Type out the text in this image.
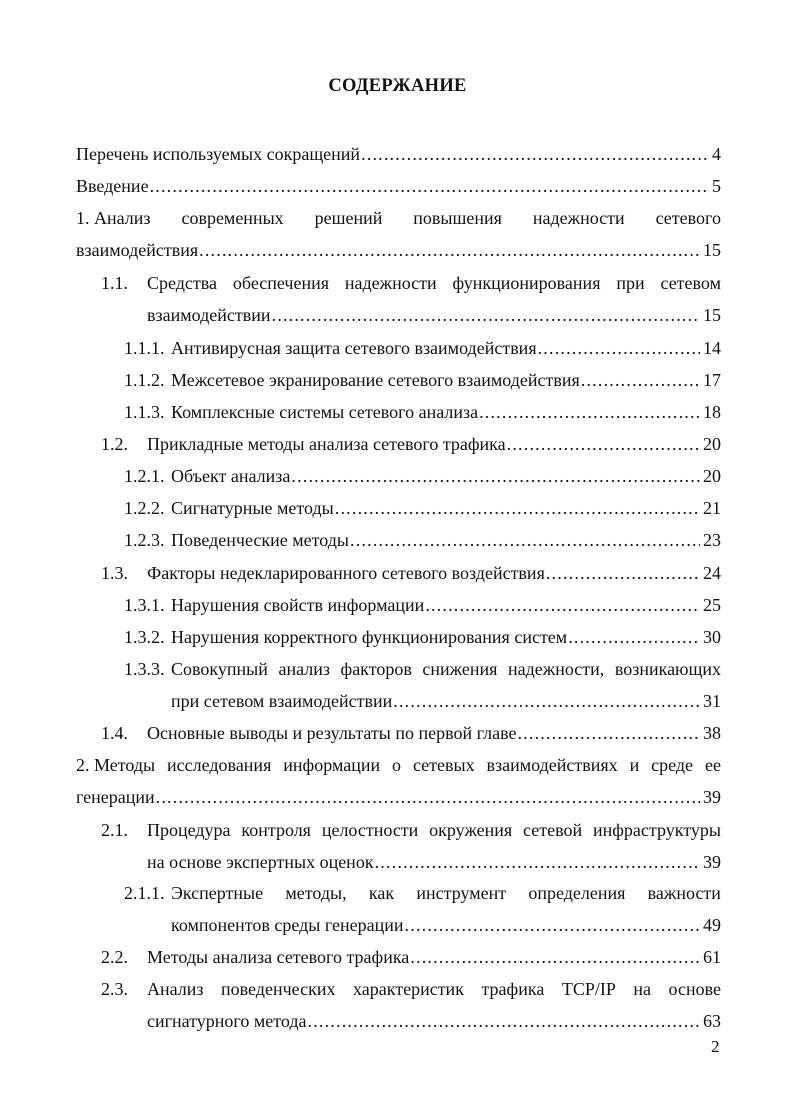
СОДЕРЖАНИЕ
Перечень используемых сокращений .....	4
Введение .....	5
1. Анализ современных решений повышения надежности сетевого
взаимодействия .....	15
1.1. Средства обеспечения надежности функционирования при сетевом
взаимодействии .....	15
1.1.1. Антивирусная защита сетевого взаимодействия .....	14
1.1.2. Межсетевое экранирование сетевого взаимодействия .....	17
1.1.3. Комплексные системы сетевого анализа .....	18
1.2. Прикладные методы анализа сетевого трафика .....	20
1.2.1. Объект анализа .....	20
1.2.2. Сигнатурные методы .....	21
1.2.3. Поведенческие методы .....	23
1.3. Факторы недекларированного сетевого воздействия .....	24
1.3.1. Нарушения свойств информации .....	25
1.3.2. Нарушения корректного функционирования систем .....	30
1.3.3. Совокупный анализ факторов снижения надежности, возникающих
при сетевом взаимодействии .....	31
1.4. Основные выводы и результаты по первой главе .....	38
2. Методы исследования информации о сетевых взаимодействиях и среде ее
генерации .....	39
2.1. Процедура контроля целостности окружения сетевой инфраструктуры
на основе экспертных оценок .....	39
2.1.1. Экспертные методы, как инструмент определения важности
компонентов среды генерации .....	49
2.2. Методы анализа сетевого трафика .....	61
2.3. Анализ поведенческих характеристик трафика TCP/IP на основе
сигнатурного метода .....	63
2
